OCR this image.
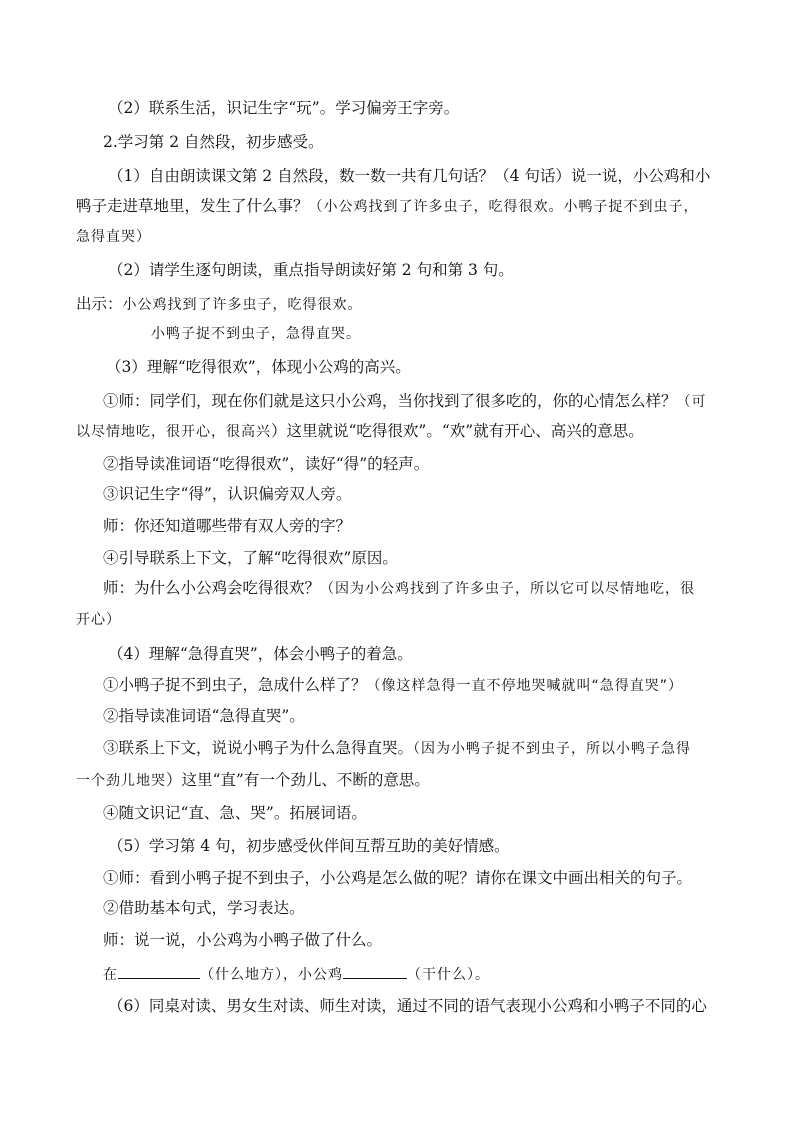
（2）联系生活，识记生字“玩”。学习偏旁王字旁。
2.学习第 2 自然段，初步感受。
（1）自由朗读课文第 2 自然段，数一数一共有几句话？（4 句话）说一说，小公鸡和小
鸭子走进草地里，发生了什么事？（小公鸡找到了许多虫子，吃得很欢。小鸭子捉不到虫子，
急得直哭）
（2）请学生逐句朗读，重点指导朗读好第 2 句和第 3 句。
出示：小公鸡找到了许多虫子，吃得很欢。
小鸭子捉不到虫子，急得直哭。
（3）理解“吃得很欢”，体现小公鸡的高兴。
①师：同学们，现在你们就是这只小公鸡，当你找到了很多吃的，你的心情怎么样？（可
以尽情地吃，很开心，很高兴）这里就说“吃得很欢”。“欢”就有开心、高兴的意思。
②指导读准词语“吃得很欢”，读好“得”的轻声。
③识记生字“得”，认识偏旁双人旁。
师：你还知道哪些带有双人旁的字？
④引导联系上下文，了解“吃得很欢”原因。
师：为什么小公鸡会吃得很欢？（因为小公鸡找到了许多虫子，所以它可以尽情地吃，很
开心）
（4）理解“急得直哭”，体会小鸭子的着急。
①小鸭子捉不到虫子，急成什么样了？（像这样急得一直不停地哭喊就叫“急得直哭”）
②指导读准词语“急得直哭”。
③联系上下文，说说小鸭子为什么急得直哭。（因为小鸭子捉不到虫子，所以小鸭子急得
一个劲儿地哭）这里“直”有一个劲儿、不断的意思。
④随文识记“直、急、哭”。拓展词语。
（5）学习第 4 句，初步感受伙伴间互帮互助的美好情感。
①师：看到小鸭子捉不到虫子，小公鸡是怎么做的呢？请你在课文中画出相关的句子。
②借助基本句式，学习表达。
师：说一说，小公鸡为小鸭子做了什么。
在	（什么地方），小公鸡	（干什么）。
（6）同桌对读、男女生对读、师生对读，通过不同的语气表现小公鸡和小鸭子不同的心
